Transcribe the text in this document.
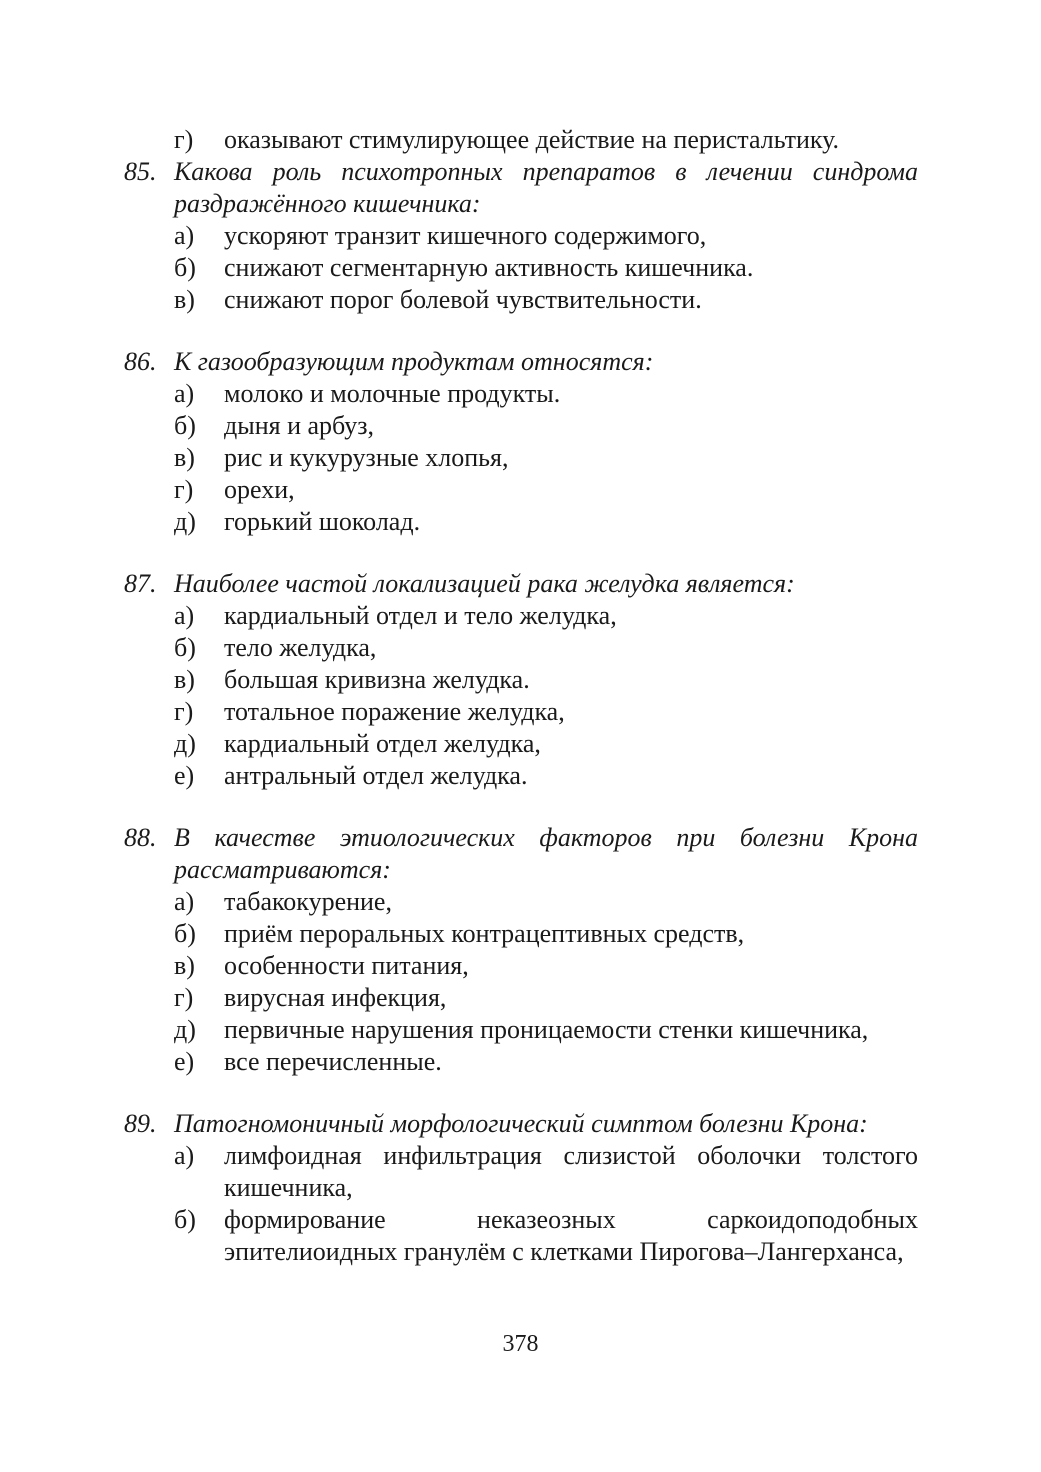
г)	оказывают стимулирующее действие на перистальтику.
85. Какова роль психотропных препаратов в лечении синдрома раздражённого кишечника:
а)	ускоряют транзит кишечного содержимого,
б)	снижают сегментарную активность кишечника.
в)	снижают порог болевой чувствительности.
86. К газообразующим продуктам относятся:
а)	молоко и молочные продукты.
б)	дыня и арбуз,
в)	рис и кукурузные хлопья,
г)	орехи,
д)	горький шоколад.
87. Наиболее частой локализацией рака желудка является:
а)	кардиальный отдел и тело желудка,
б)	тело желудка,
в)	большая кривизна желудка.
г)	тотальное поражение желудка,
д)	кардиальный отдел желудка,
е)	антральный отдел желудка.
88. В качестве этиологических факторов при болезни Крона рассматриваются:
а)	табакокурение,
б)	приём пероральных контрацептивных средств,
в)	особенности питания,
г)	вирусная инфекция,
д)	первичные нарушения проницаемости стенки кишечника,
е)	все перечисленные.
89. Патогномоничный морфологический симптом болезни Крона:
а)	лимфоидная инфильтрация слизистой оболочки толстого кишечника,
б)	формирование неказеозных саркоидоподобных эпителиоидных гранулём с клетками Пирогова–Лангерханса,
378
